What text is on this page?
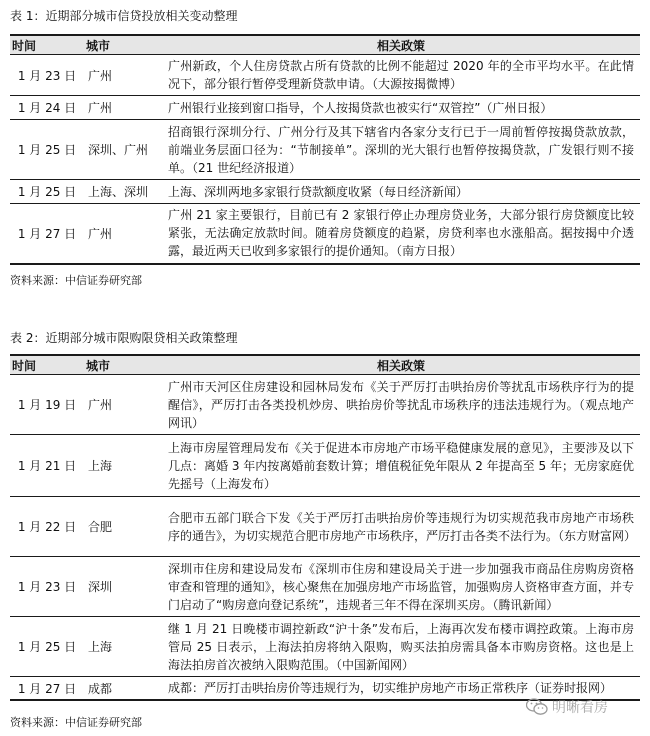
表 1：近期部分城市信贷投放相关变动整理
时间	城市	相关政策
1 月 23 日	广州	广州新政，个人住房贷款占所有贷款的比例不能超过 2020 年的全市平均水平。在此情况下，部分银行暂停受理新贷款申请。（大源按揭微博）
1 月 24 日	广州	广州银行业接到窗口指导，个人按揭贷款也被实行“双管控”（广州日报）
1 月 25 日	深圳、广州	招商银行深圳分行、广州分行及其下辖省内各家分支行已于一周前暂停按揭贷款放款，前端业务层面口径为：“节制接单”。深圳的光大银行也暂停按揭贷款，广发银行则不接单。（21 世纪经济报道）
1 月 25 日	上海、深圳	上海、深圳两地多家银行贷款额度收紧（每日经济新闻）
1 月 27 日	广州	广州 21 家主要银行，目前已有 2 家银行停止办理房贷业务，大部分银行房贷额度比较紧张，无法确定放款时间。随着房贷额度的趋紧，房贷利率也水涨船高。据按揭中介透露，最近两天已收到多家银行的提价通知。（南方日报）
资料来源：中信证券研究部
表 2：近期部分城市限购限贷相关政策整理
时间	城市	相关政策
1 月 19 日	广州	广州市天河区住房建设和园林局发布《关于严厉打击哄抬房价等扰乱市场秩序行为的提醒信》，严厉打击各类投机炒房、哄抬房价等扰乱市场秩序的违法违规行为。（观点地产网讯）
1 月 21 日	上海	上海市房屋管理局发布《关于促进本市房地产市场平稳健康发展的意见》，主要涉及以下几点：离婚 3 年内按离婚前套数计算；增值税征免年限从 2 年提高至 5 年；无房家庭优先摇号（上海发布）
1 月 22 日	合肥	合肥市五部门联合下发《关于严厉打击哄抬房价等违规行为切实规范我市房地产市场秩序的通告》，为切实规范合肥市房地产市场秩序，严厉打击各类不法行为。（东方财富网）
1 月 23 日	深圳	深圳市住房和建设局发布《深圳市住房和建设局关于进一步加强我市商品住房购房资格审查和管理的通知》，核心聚焦在加强房地产市场监管，加强购房人资格审查方面，并专门启动了“购房意向登记系统”，违规者三年不得在深圳买房。（腾讯新闻）
1 月 25 日	上海	继 1 月 21 日晚楼市调控新政“沪十条”发布后，上海再次发布楼市调控政策。上海市房管局 25 日表示，上海法拍房将纳入限购，购买法拍房需具备本市购房资格。这也是上海法拍房首次被纳入限购范围。（中国新闻网）
1 月 27 日	成都	成都：严厉打击哄抬房价等违规行为，切实维护房地产市场正常秩序（证券时报网）
资料来源：中信证券研究部
明晰看房
